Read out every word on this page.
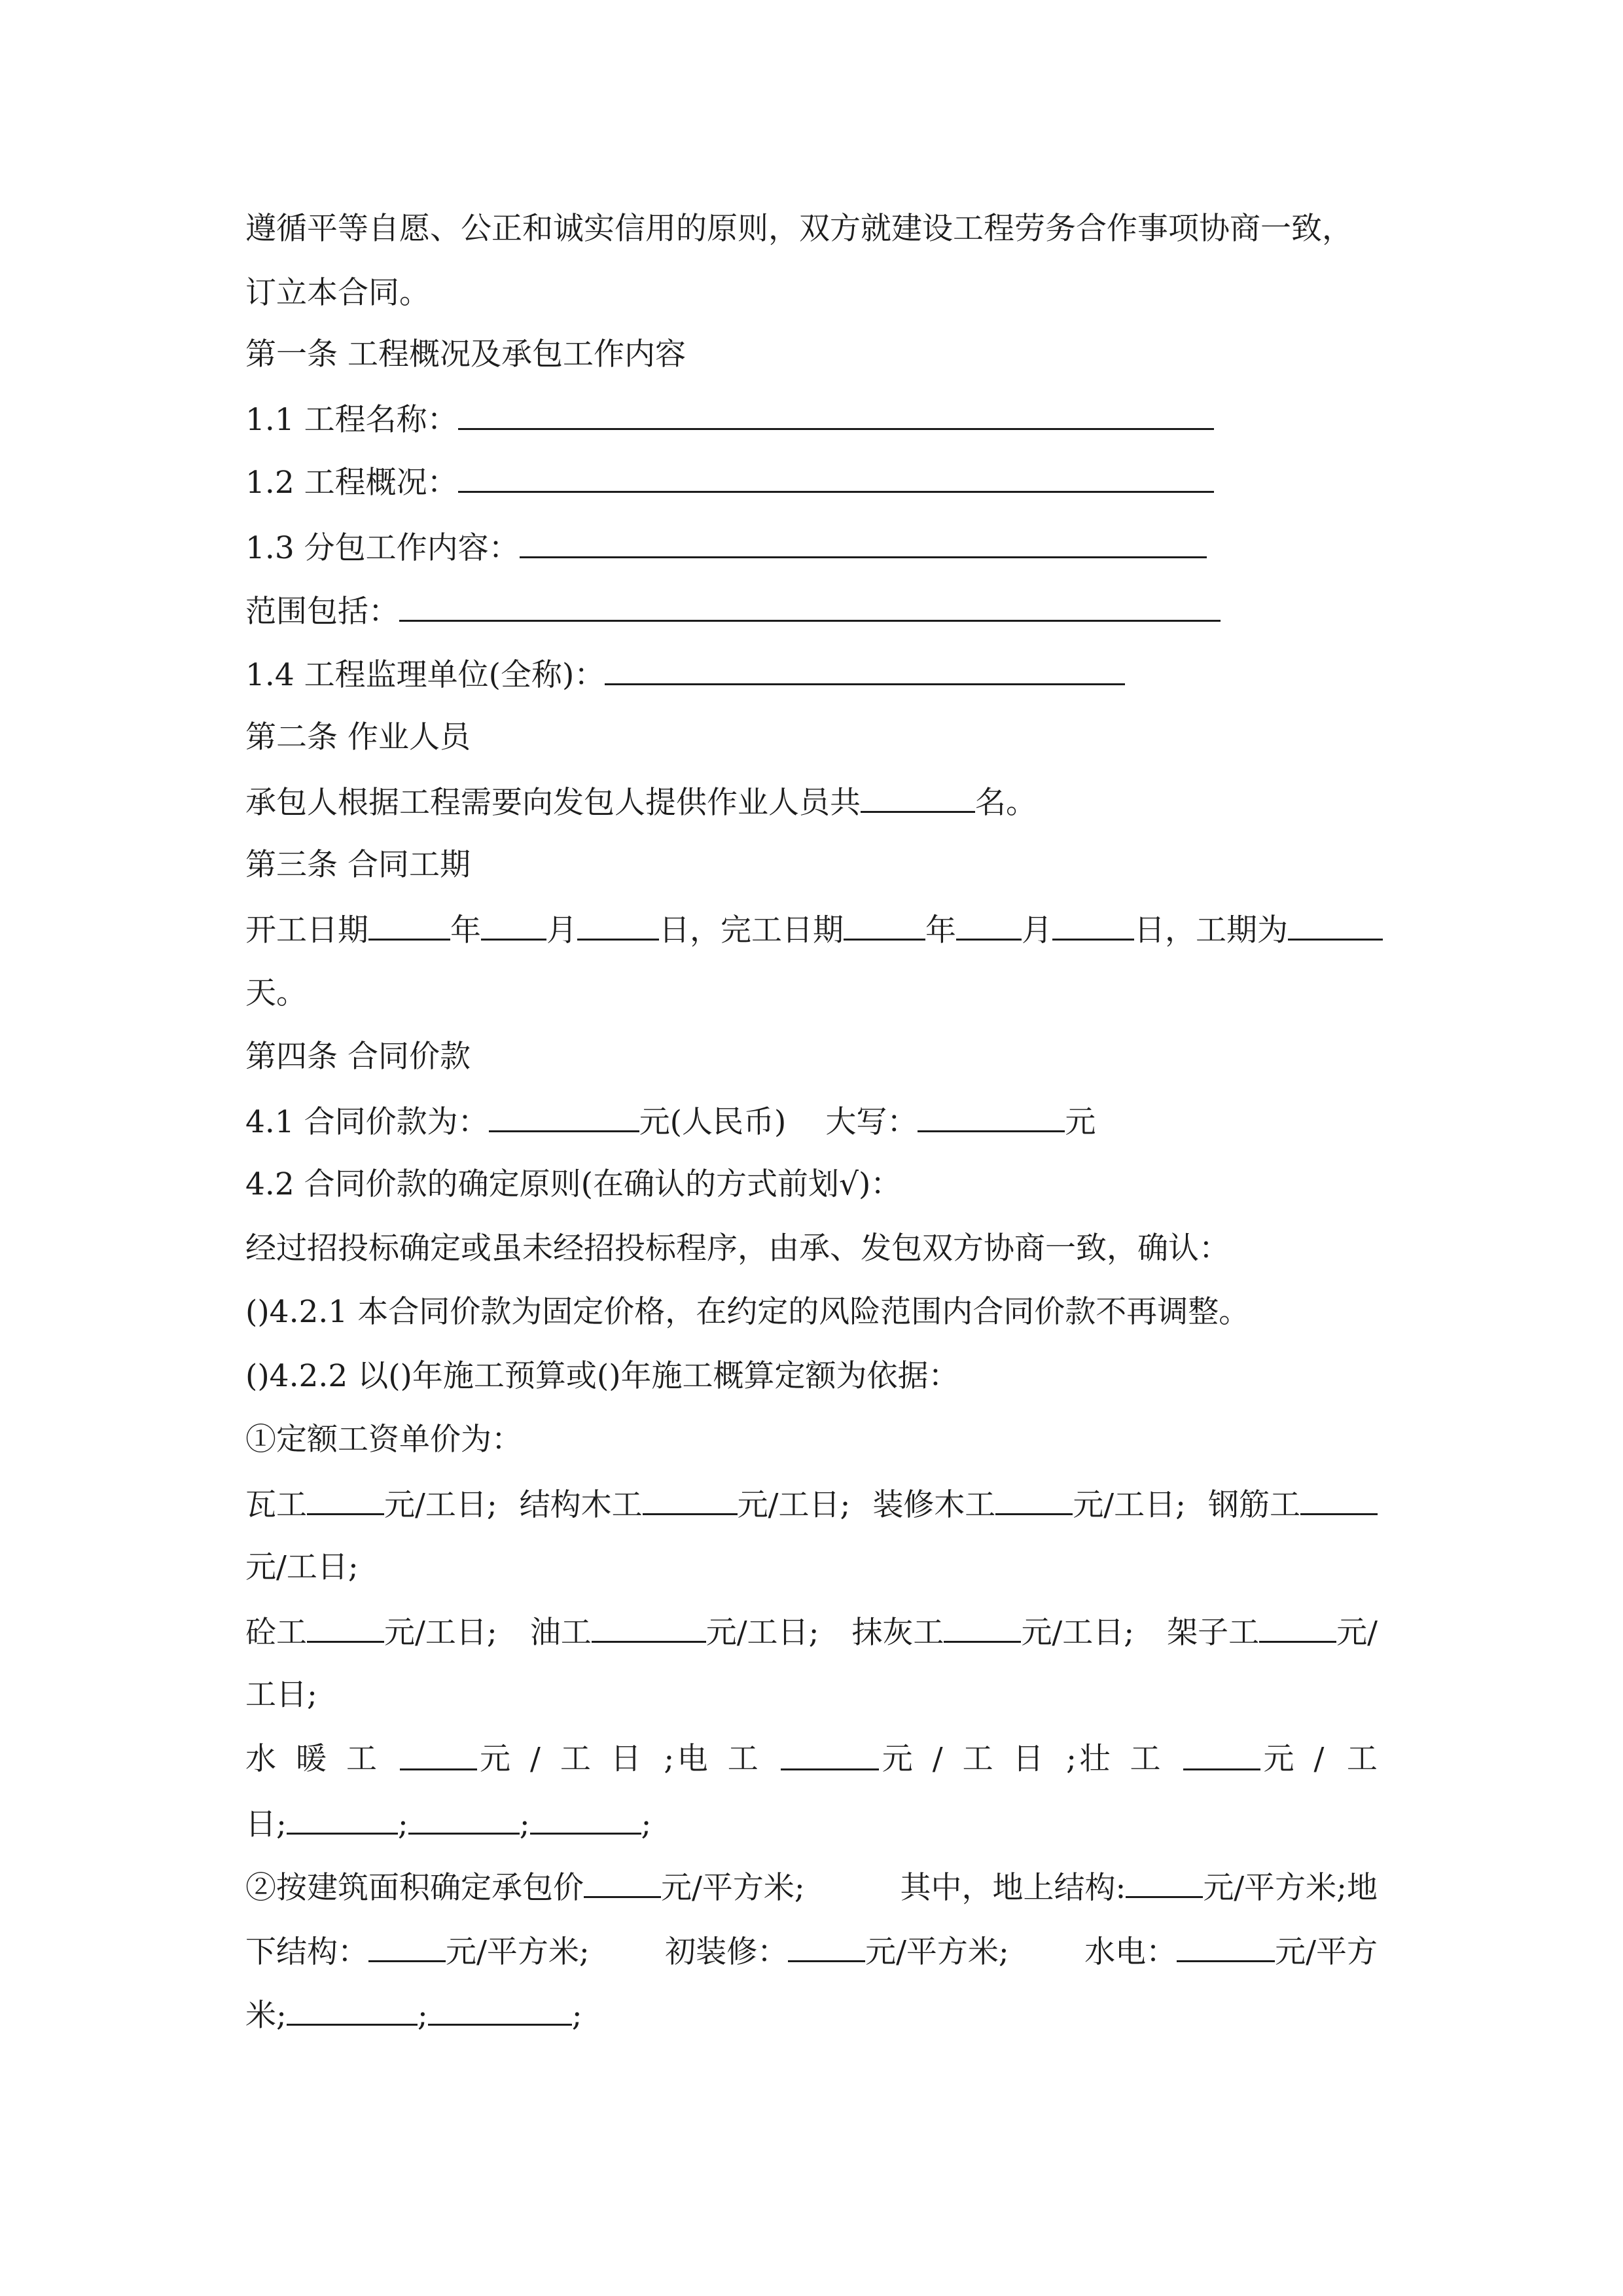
遵循平等自愿、公正和诚实信用的原则，双方就建设工程劳务合作事项协商一致，
订立本合同。
第一条 工程概况及承包工作内容
1.1 工程名称：
1.2 工程概况：
1.3 分包工作内容：
范围包括：
1.4 工程监理单位(全称)：
第二条 作业人员
承包人根据工程需要向发包人提供作业人员共	名。
第三条 合同工期
开工日期	年 月	日，完工日期	年 月	日，工期为
天。
第四条 合同价款
4.1 合同价款为：	元(人民币) 大写：	元
4.2 合同价款的确定原则(在确认的方式前划√)：
经过招投标确定或虽未经招投标程序，由承、发包双方协商一致，确认：
()4.2.1 本合同价款为固定价格，在约定的风险范围内合同价款不再调整。
()4.2.2 以()年施工预算或()年施工概算定额为依据：
①定额工资单价为：
瓦工	元/工日; 结构木工	元/工日; 装修木工	元/工日; 钢筋工
元/工日;
砼工	元/工日; 油工	元/工日; 抹灰工	元/工日; 架子工	元/
工日;
水暖工	元/工日 ; 电工	元/工日 ; 壮工	元/ 工
日;	;	;	;
②按建筑面积确定承包价	元/平方米;	其中，地上结构:	元/平方米;地
下结构：	元/平方米; 初装修：	元/平方米; 水电：	元/平方
米;	;	;
